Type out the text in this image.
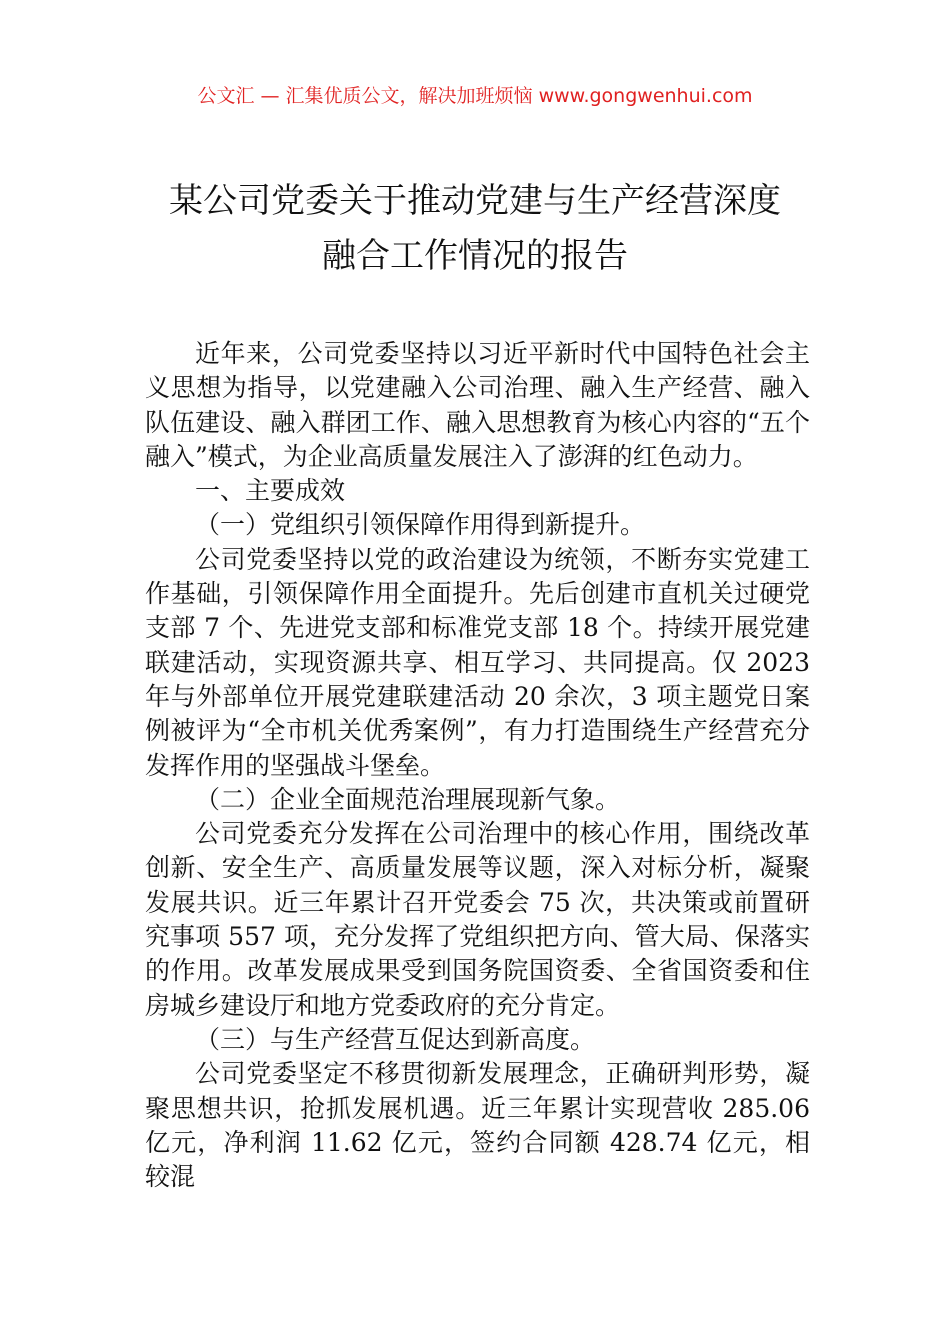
公文汇 — 汇集优质公文，解决加班烦恼 www.gongwenhui.com
某公司党委关于推动党建与生产经营深度
融合工作情况的报告

近年来，公司党委坚持以习近平新时代中国特色社会主义思想为指导，以党建融入公司治理、融入生产经营、融入队伍建设、融入群团工作、融入思想教育为核心内容的“五个融入”模式，为企业高质量发展注入了澎湃的红色动力。

一、主要成效

（一）党组织引领保障作用得到新提升。

公司党委坚持以党的政治建设为统领，不断夯实党建工作基础，引领保障作用全面提升。先后创建市直机关过硬党支部 7 个、先进党支部和标准党支部 18 个。持续开展党建联建活动，实现资源共享、相互学习、共同提高。仅 2023 年与外部单位开展党建联建活动 20 余次，3 项主题党日案例被评为“全市机关优秀案例”，有力打造围绕生产经营充分发挥作用的坚强战斗堡垒。

（二）企业全面规范治理展现新气象。

公司党委充分发挥在公司治理中的核心作用，围绕改革创新、安全生产、高质量发展等议题，深入对标分析，凝聚发展共识。近三年累计召开党委会 75 次，共决策或前置研究事项 557 项，充分发挥了党组织把方向、管大局、保落实的作用。改革发展成果受到国务院国资委、全省国资委和住房城乡建设厅和地方党委政府的充分肯定。

（三）与生产经营互促达到新高度。

公司党委坚定不移贯彻新发展理念，正确研判形势，凝聚思想共识，抢抓发展机遇。近三年累计实现营收 285.06 亿元，净利润 11.62 亿元，签约合同额 428.74 亿元，相较混
